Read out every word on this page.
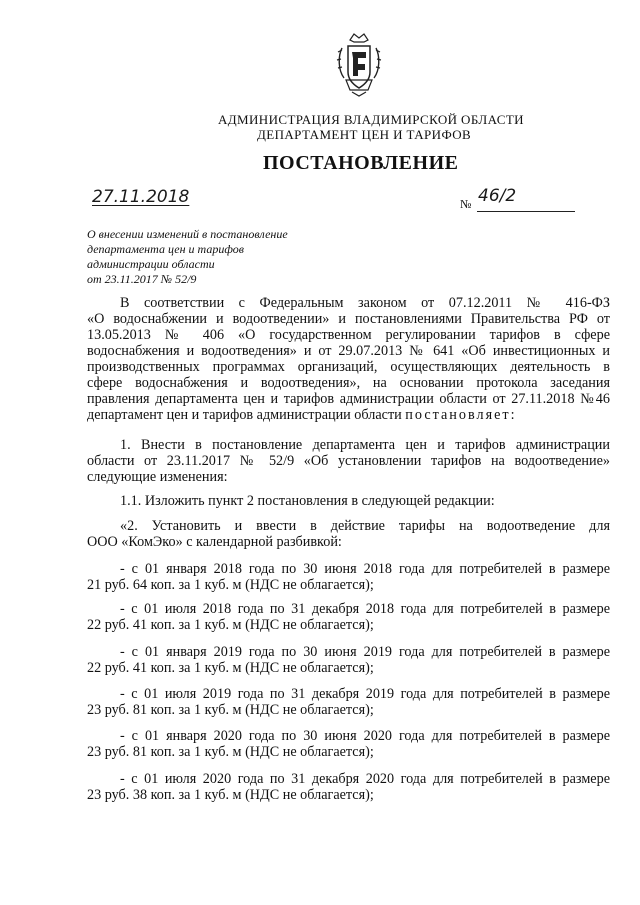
АДМИНИСТРАЦИЯ ВЛАДИМИРСКОЙ ОБЛАСТИ
ДЕПАРТАМЕНТ ЦЕН И ТАРИФОВ
ПОСТАНОВЛЕНИЕ
27.11.2018	№ 46/2
О внесении изменений в постановление
департамента цен и тарифов
администрации области
от 23.11.2017 № 52/9
В соответствии с Федеральным законом от 07.12.2011 № 416-ФЗ
«О водоснабжении и водоотведении» и постановлениями Правительства РФ от
13.05.2013 № 406 «О государственном регулировании тарифов в сфере
водоснабжения и водоотведения» и от 29.07.2013 № 641 «Об инвестиционных и
производственных программах организаций, осуществляющих деятельность в
сфере водоснабжения и водоотведения», на основании протокола заседания
правления департамента цен и тарифов администрации области от 27.11.2018 №46
департамент цен и тарифов администрации области постановляет:
1. Внести в постановление департамента цен и тарифов администрации
области от 23.11.2017 № 52/9 «Об установлении тарифов на водоотведение»
следующие изменения:
1.1. Изложить пункт 2 постановления в следующей редакции:
«2. Установить и ввести в действие тарифы на водоотведение для
ООО «КомЭко» с календарной разбивкой:
- с 01 января 2018 года по 30 июня 2018 года для потребителей в размере
21 руб. 64 коп. за 1 куб. м (НДС не облагается);
- с 01 июля 2018 года по 31 декабря 2018 года для потребителей в размере
22 руб. 41 коп. за 1 куб. м (НДС не облагается);
- с 01 января 2019 года по 30 июня 2019 года для потребителей в размере
22 руб. 41 коп. за 1 куб. м (НДС не облагается);
- с 01 июля 2019 года по 31 декабря 2019 года для потребителей в размере
23 руб. 81 коп. за 1 куб. м (НДС не облагается);
- с 01 января 2020 года по 30 июня 2020 года для потребителей в размере
23 руб. 81 коп. за 1 куб. м (НДС не облагается);
- с 01 июля 2020 года по 31 декабря 2020 года для потребителей в размере
23 руб. 38 коп. за 1 куб. м (НДС не облагается);
